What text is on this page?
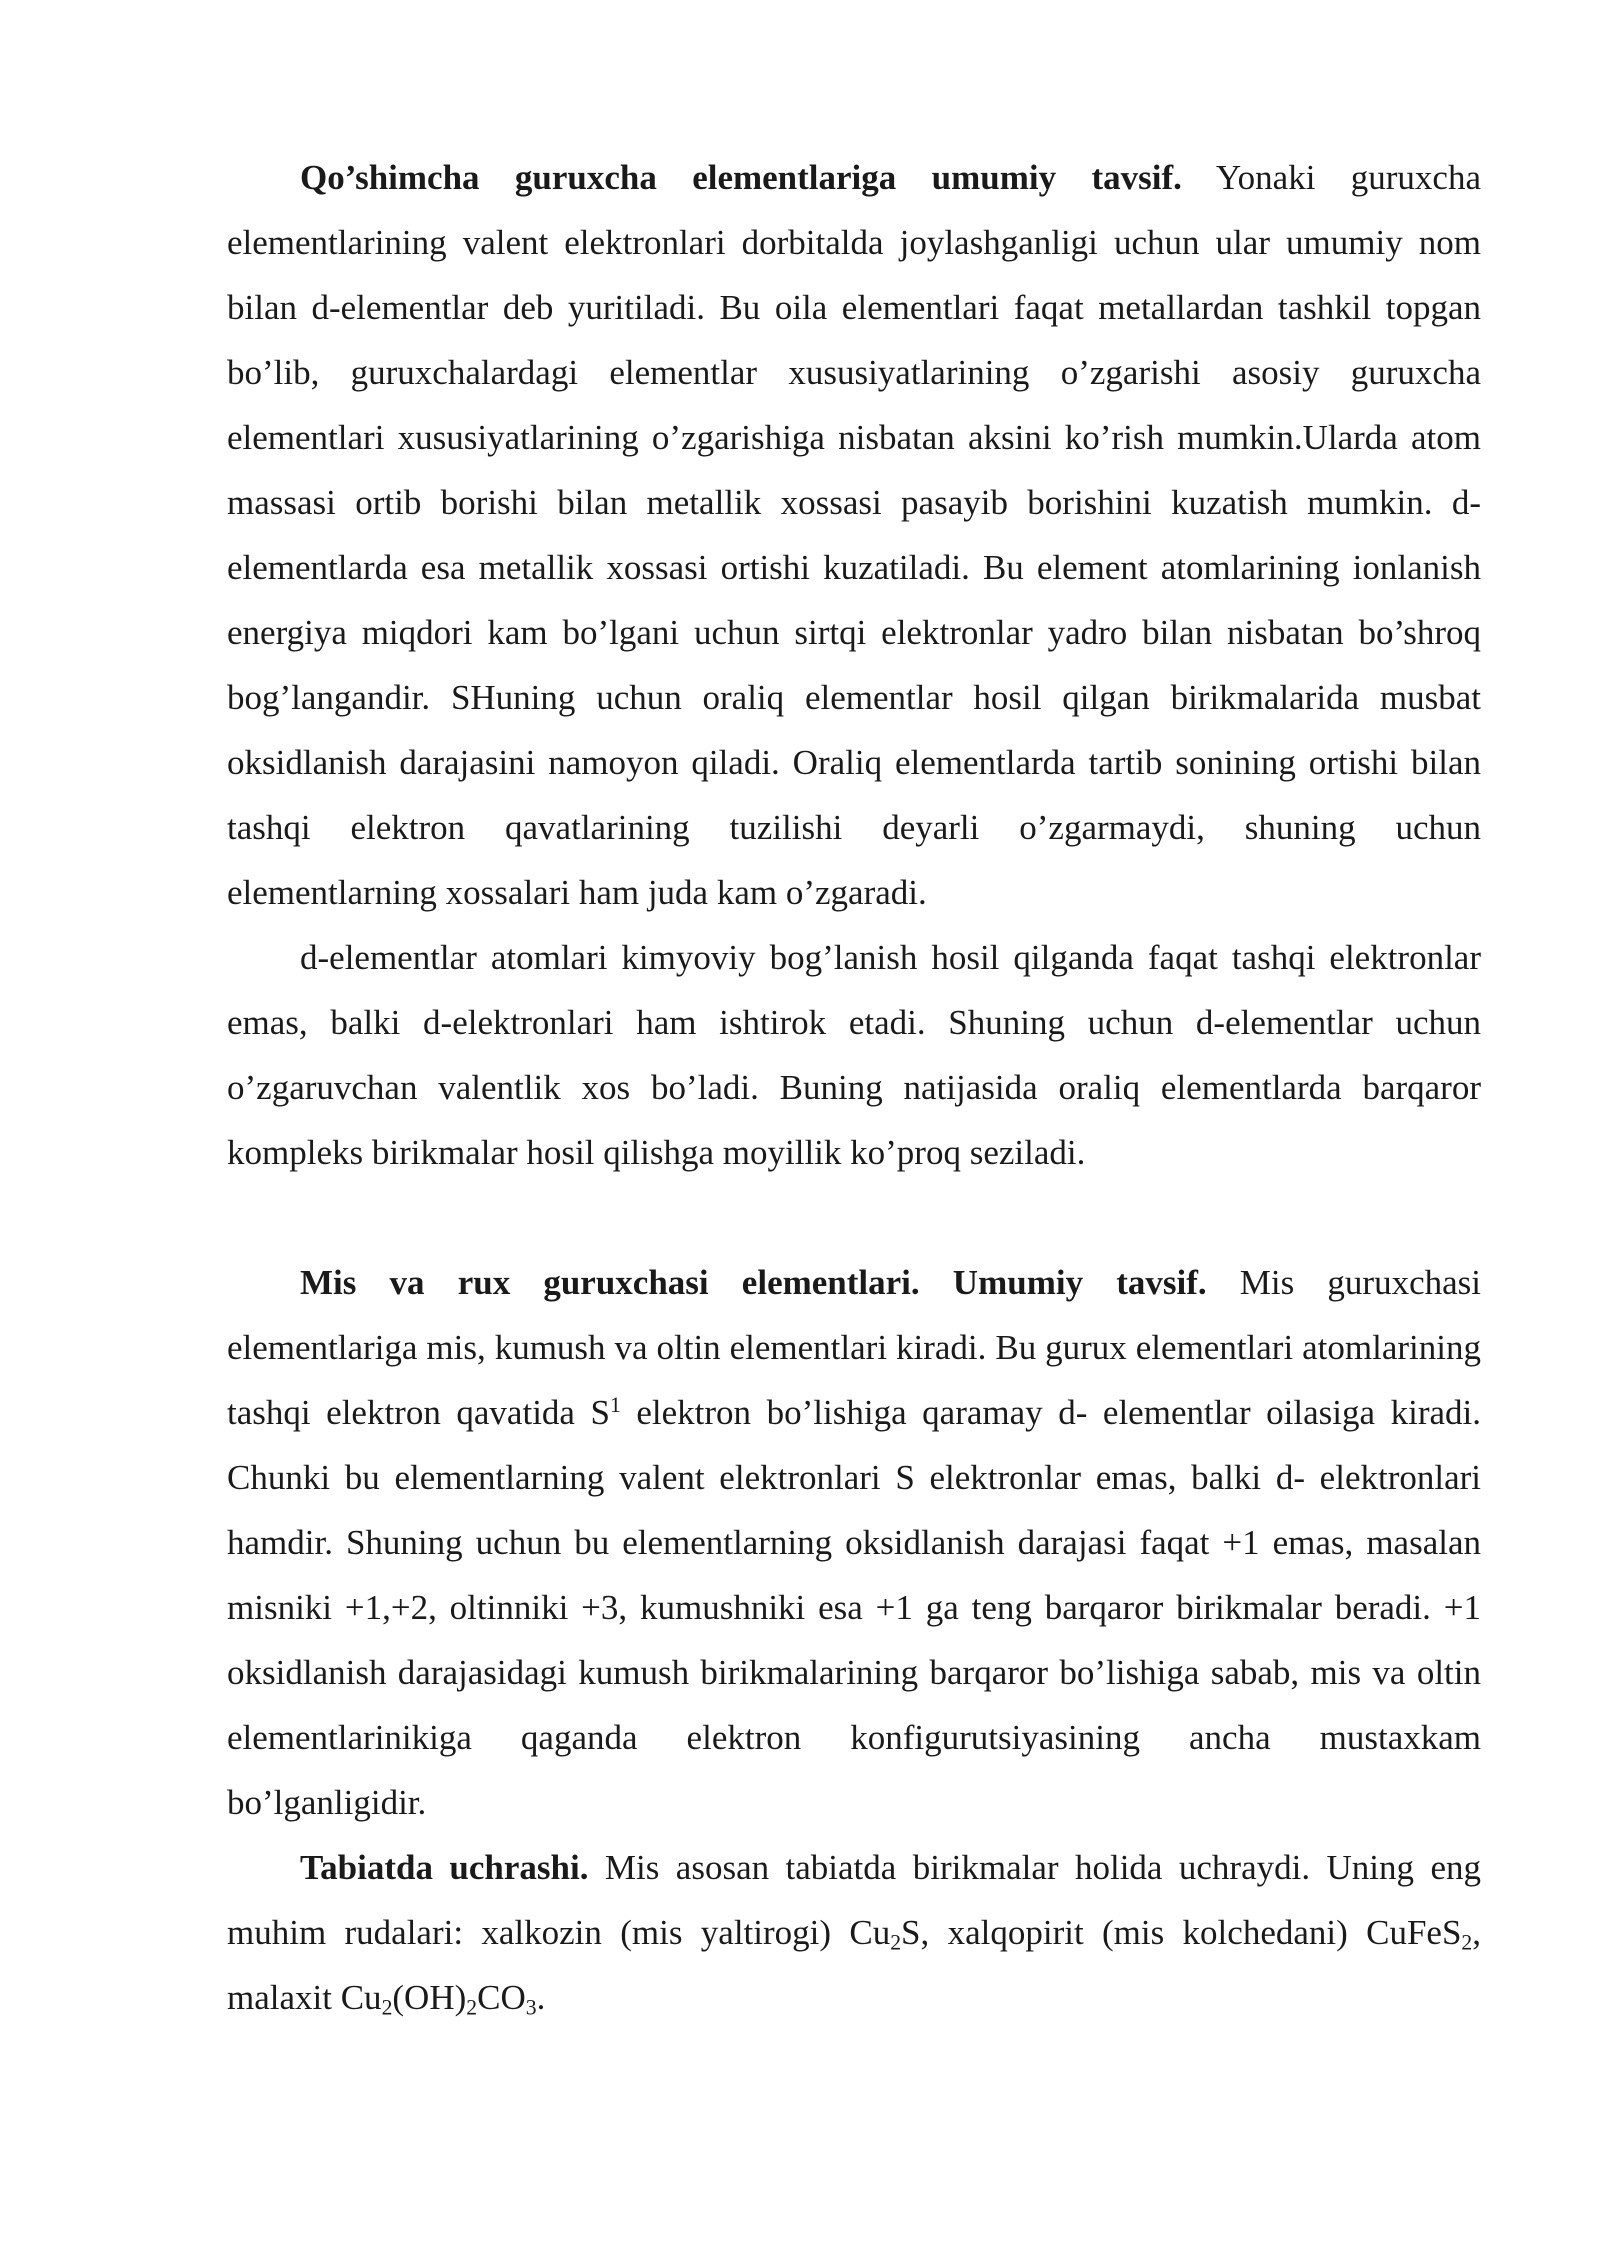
Qo’shimcha guruxcha elementlariga umumiy tavsif. Yonaki guruxcha elementlarining valent elektronlari dorbitalda joylashganligi uchun ular umumiy nom bilan d-elementlar deb yuritiladi. Bu oila elementlari faqat metallardan tashkil topgan bo’lib, guruxchalardagi elementlar xususiyatlarining o’zgarishi asosiy guruxcha elementlari xususiyatlarining o’zgarishiga nisbatan aksini ko’rish mumkin.Ularda atom massasi ortib borishi bilan metallik xossasi pasayib borishini kuzatish mumkin. d-elementlarda esa metallik xossasi ortishi kuzatiladi. Bu element atomlarining ionlanish energiya miqdori kam bo’lgani uchun sirtqi elektronlar yadro bilan nisbatan bo’shroq bog’langandir. SHuning uchun oraliq elementlar hosil qilgan birikmalarida musbat oksidlanish darajasini namoyon qiladi. Oraliq elementlarda tartib sonining ortishi bilan tashqi elektron qavatlarining tuzilishi deyarli o’zgarmaydi, shuning uchun elementlarning xossalari ham juda kam o’zgaradi.

d-elementlar atomlari kimyoviy bog’lanish hosil qilganda faqat tashqi elektronlar emas, balki d-elektronlari ham ishtirok etadi. Shuning uchun d-elementlar uchun o’zgaruvchan valentlik xos bo’ladi. Buning natijasida oraliq elementlarda barqaror kompleks birikmalar hosil qilishga moyillik ko’proq seziladi.

Mis va rux guruxchasi elementlari. Umumiy tavsif. Mis guruxchasi elementlariga mis, kumush va oltin elementlari kiradi. Bu gurux elementlari atomlarining tashqi elektron qavatida $S^1$ elektron bo’lishiga qaramay d- elementlar oilasiga kiradi. Chunki bu elementlarning valent elektronlari S elektronlar emas, balki d- elektronlari hamdir. Shuning uchun bu elementlarning oksidlanish darajasi faqat +1 emas, masalan misniki +1,+2, oltinniki +3, kumushniki esa +1 ga teng barqaror birikmalar beradi. +1 oksidlanish darajasidagi kumush birikmalarining barqaror bo’lishiga sabab, mis va oltin elementlarinikiga qaganda elektron konfigurutsiyasining ancha mustaxkam bo’lganligidir.

Tabiatda uchrashi. Mis asosan tabiatda birikmalar holida uchraydi. Uning eng muhim rudalari: xalkozin (mis yaltirogi) $Cu_2S$, xalqopirit (mis kolchedani) CuFeS$_2$, malaxit $Cu_2(OH)_2CO_3$.
